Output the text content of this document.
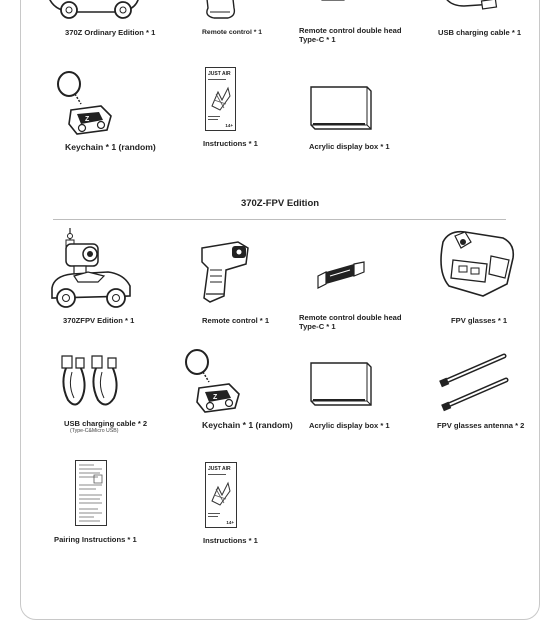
370Z Ordinary Edition * 1	Remote control * 1	Remote control double head
Type-C * 1
USB charging cable * 1
Z
Keychain * 1 (random)
JUST AIR
14+
Instructions * 1	Acrylic display box * 1
370Z-FPV Edition
370ZFPV Edition * 1	Remote control * 1	Remote control double head
Type-C * 1
FPV glasses * 1
USB charging cable * 2
(Type-C&Micro USB)
Z
Keychain * 1 (random) Acrylic display box * 1	FPV glasses antenna * 2
Pairing Instructions * 1
JUST AIR
14+
Instructions * 1
